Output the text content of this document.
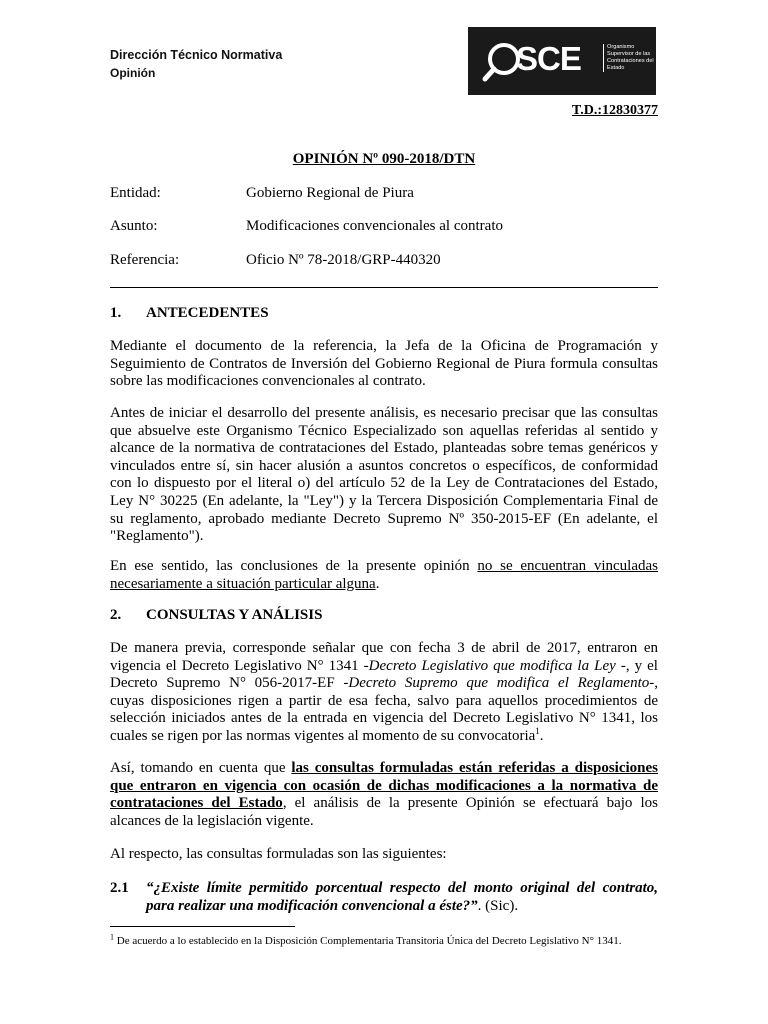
Dirección Técnico Normativa
Opinión	SCE	Organismo Supervisor de las Contrataciones del Estado
T.D.:12830377
OPINIÓN Nº 090-2018/DTN
Entidad:	Gobierno Regional de Piura
Asunto:	Modificaciones convencionales al contrato
Referencia:	Oficio Nº 78-2018/GRP-440320
1. ANTECEDENTES
Mediante el documento de la referencia, la Jefa de la Oficina de Programación y
Seguimiento de Contratos de Inversión del Gobierno Regional de Piura formula consultas
sobre las modificaciones convencionales al contrato.
Antes de iniciar el desarrollo del presente análisis, es necesario precisar que las consultas
que absuelve este Organismo Técnico Especializado son aquellas referidas al sentido y
alcance de la normativa de contrataciones del Estado, planteadas sobre temas genéricos y
vinculados entre sí, sin hacer alusión a asuntos concretos o específicos, de conformidad
con lo dispuesto por el literal o) del artículo 52 de la Ley de Contrataciones del Estado,
Ley N° 30225 (En adelante, la "Ley") y la Tercera Disposición Complementaria Final de
su reglamento, aprobado mediante Decreto Supremo Nº 350-2015-EF (En adelante, el
"Reglamento").
En ese sentido, las conclusiones de la presente opinión no se encuentran vinculadas
necesariamente a situación particular alguna.
2. CONSULTAS Y ANÁLISIS
De manera previa, corresponde señalar que con fecha 3 de abril de 2017, entraron en
vigencia el Decreto Legislativo N° 1341 -Decreto Legislativo que modifica la Ley -, y el
Decreto Supremo N° 056-2017-EF -Decreto Supremo que modifica el Reglamento-,
cuyas disposiciones rigen a partir de esa fecha, salvo para aquellos procedimientos de
selección iniciados antes de la entrada en vigencia del Decreto Legislativo N° 1341, los
cuales se rigen por las normas vigentes al momento de su convocatoria$^1$.
Así, tomando en cuenta que las consultas formuladas están referidas a disposiciones
que entraron en vigencia con ocasión de dichas modificaciones a la normativa de
contrataciones del Estado, el análisis de la presente Opinión se efectuará bajo los
alcances de la legislación vigente.
Al respecto, las consultas formuladas son las siguientes:
2.1 “¿Existe límite permitido porcentual respecto del monto original del contrato,
para realizar una modificación convencional a éste?”. (Sic).
$^1$ De acuerdo a lo establecido en la Disposición Complementaria Transitoria Única del Decreto Legislativo N° 1341.
